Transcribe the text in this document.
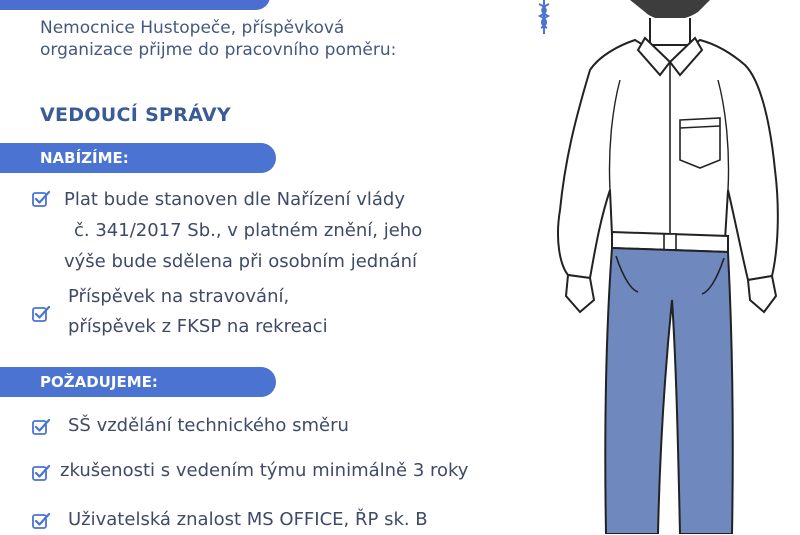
Nemocnice Hustopeče, příspěvková organizace přijme do pracovního poměru:
VEDOUCÍ SPRÁVY
NABÍZÍME:
Plat bude stanoven dle Nařízení vlády
č. 341/2017 Sb., v platném znění, jeho
výše bude sdělena při osobním jednání
Příspěvek na stravování,
příspěvek z FKSP na rekreaci
POŽADUJEME:
SŠ vzdělání technického směru
zkušenosti s vedením týmu minimálně 3 roky
Uživatelská znalost MS OFFICE, ŘP sk. B
